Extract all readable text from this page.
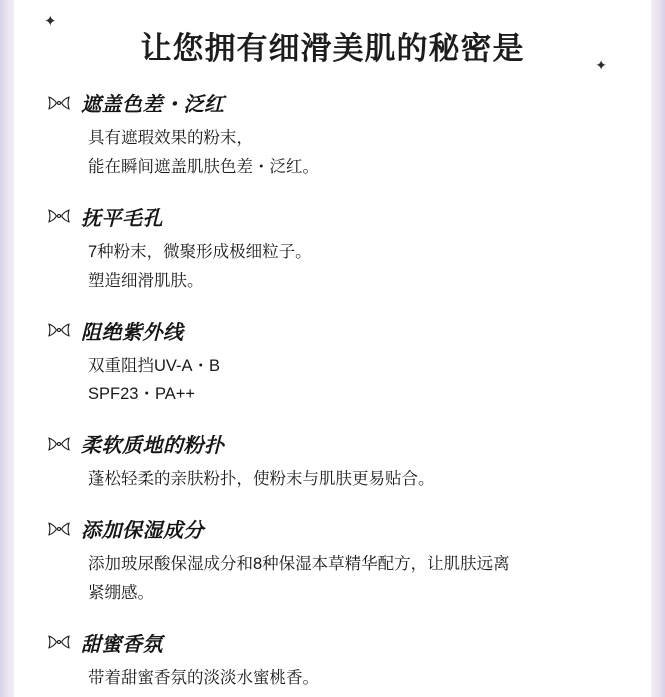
✦
✦
让您拥有细滑美肌的秘密是
遮盖色差・泛红
具有遮瑕效果的粉末，
能在瞬间遮盖肌肤色差・泛红。
抚平毛孔
7种粉末，微聚形成极细粒子。
塑造细滑肌肤。
阻绝紫外线
双重阻挡UV-A・B
SPF23・PA++
柔软质地的粉扑
蓬松轻柔的亲肤粉扑，使粉末与肌肤更易贴合。
添加保湿成分
添加玻尿酸保湿成分和8种保湿本草精华配方，让肌肤远离
紧绷感。
甜蜜香氛
带着甜蜜香氛的淡淡水蜜桃香。
